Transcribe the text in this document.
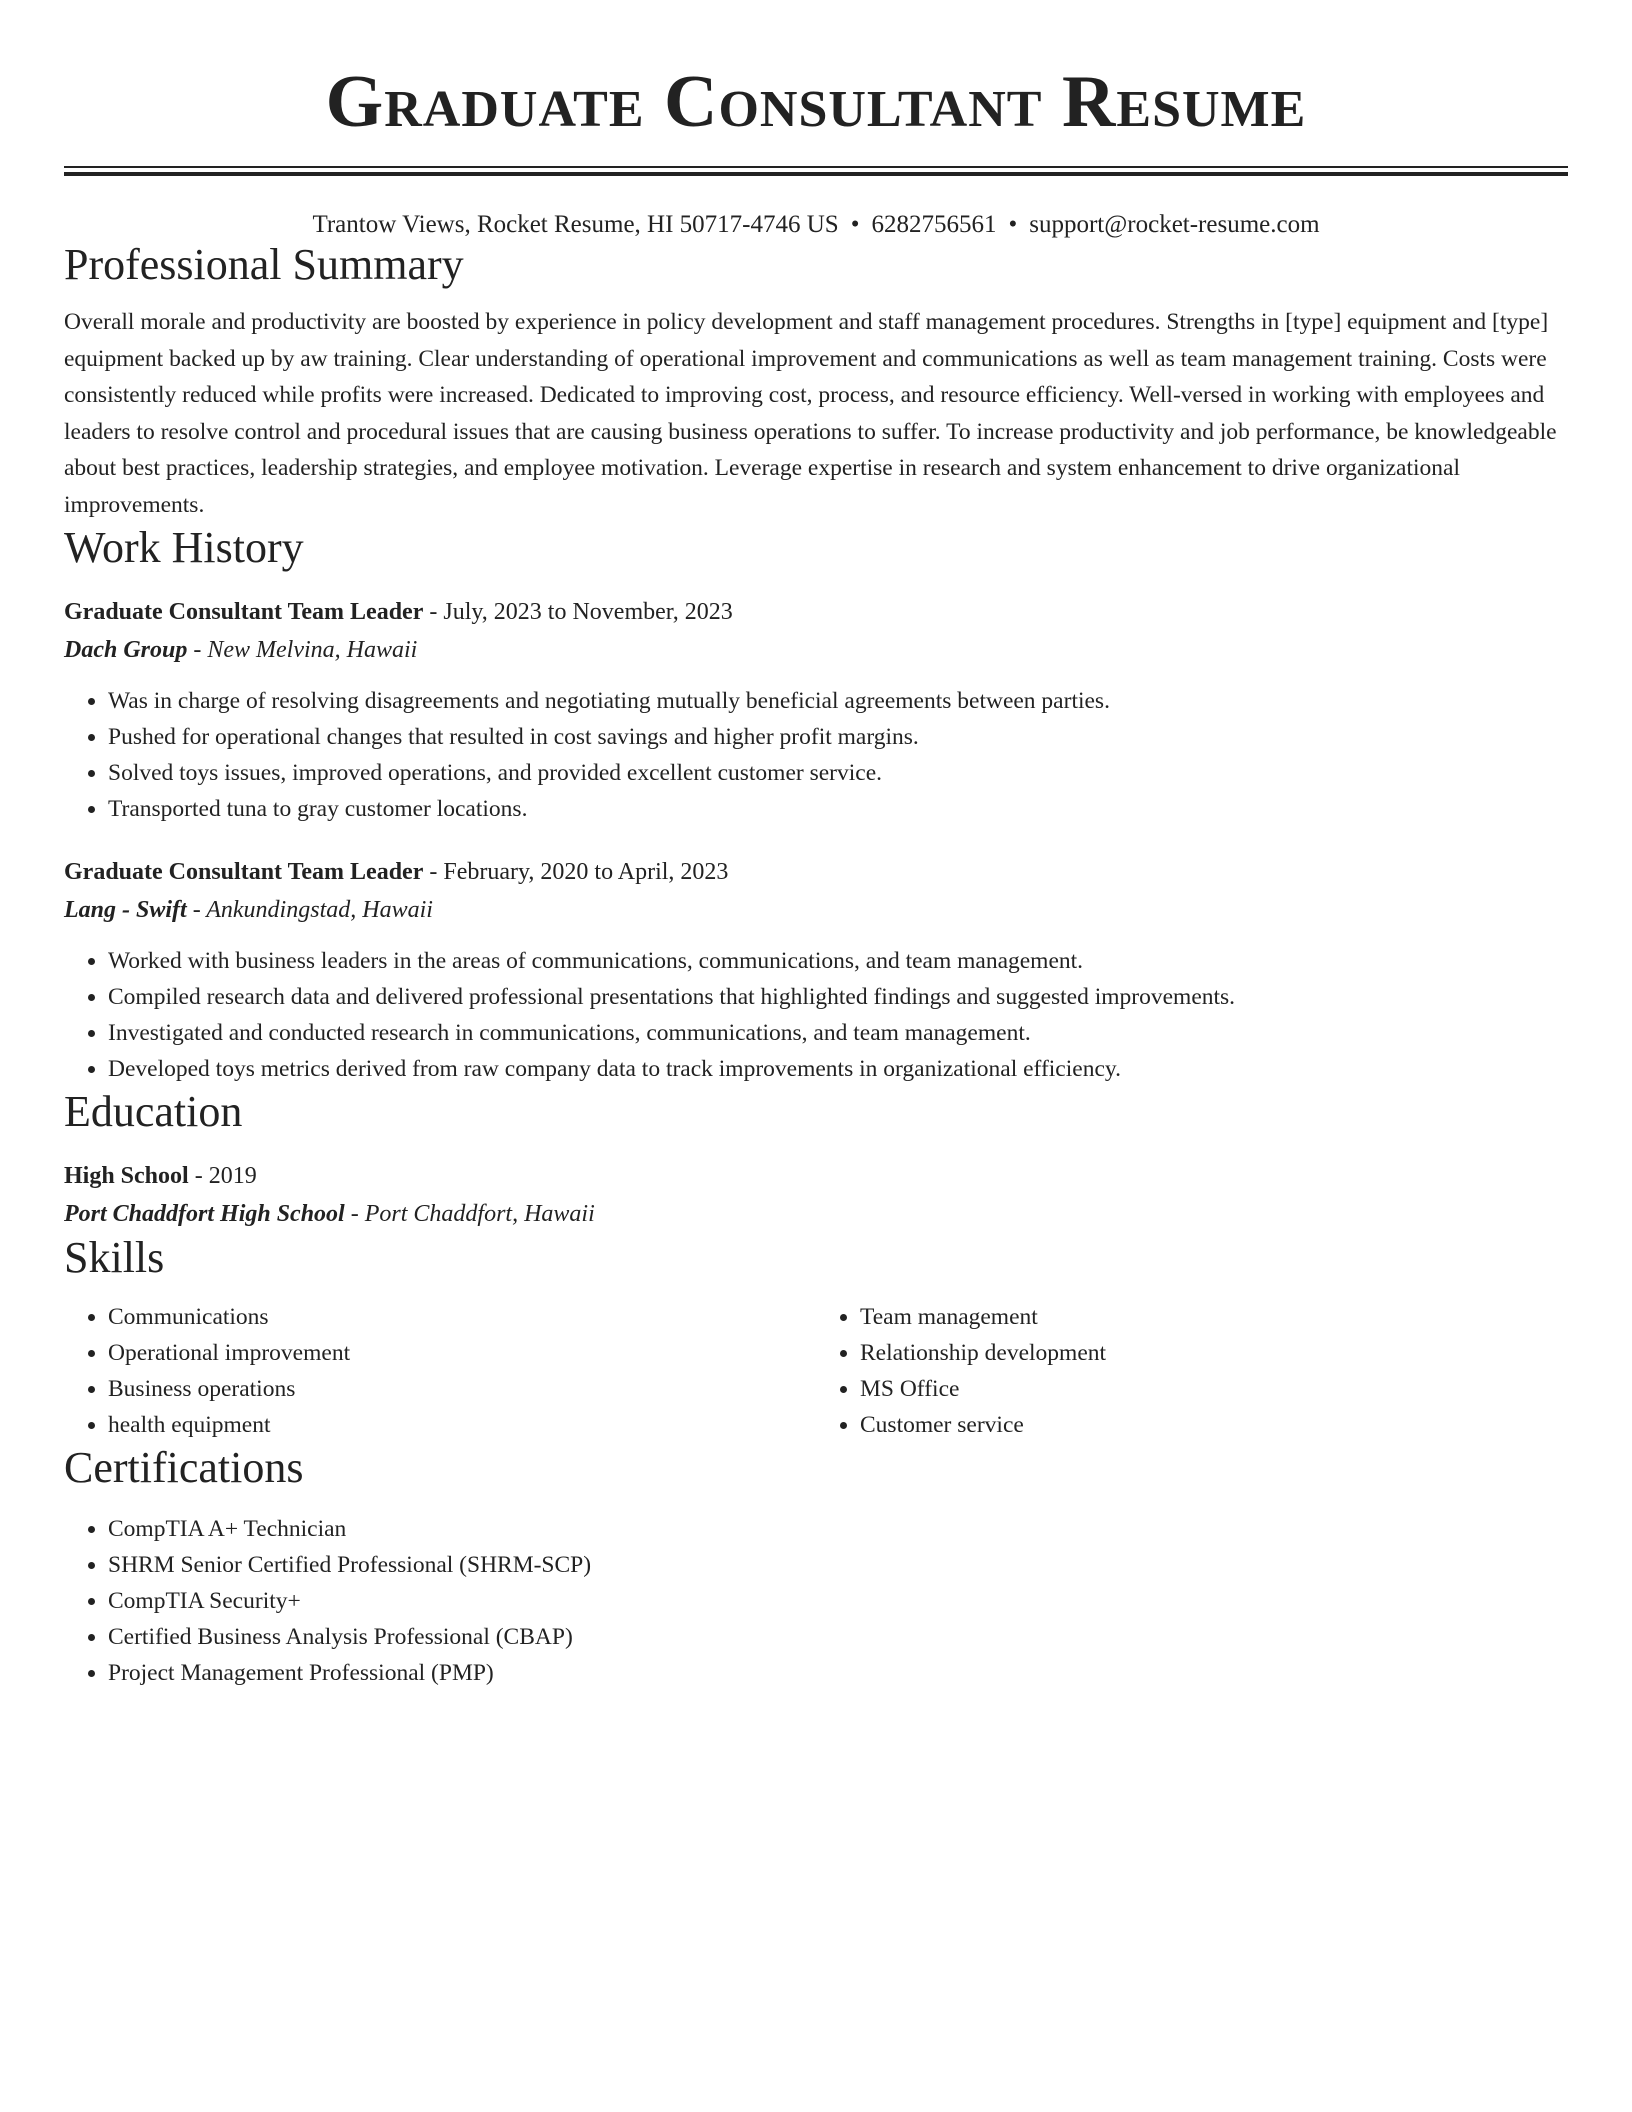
Graduate Consultant Resume
Trantow Views, Rocket Resume, HI 50717-4746 US • 6282756561 • support@rocket-resume.com
Professional Summary
Overall morale and productivity are boosted by experience in policy development and staff management procedures. Strengths in [type] equipment and [type] equipment backed up by aw training. Clear understanding of operational improvement and communications as well as team management training. Costs were consistently reduced while profits were increased. Dedicated to improving cost, process, and resource efficiency. Well-versed in working with employees and leaders to resolve control and procedural issues that are causing business operations to suffer. To increase productivity and job performance, be knowledgeable about best practices, leadership strategies, and employee motivation. Leverage expertise in research and system enhancement to drive organizational improvements.
Work History
Graduate Consultant Team Leader - July, 2023 to November, 2023
Dach Group - New Melvina, Hawaii
• Was in charge of resolving disagreements and negotiating mutually beneficial agreements between parties.
• Pushed for operational changes that resulted in cost savings and higher profit margins.
• Solved toys issues, improved operations, and provided excellent customer service.
• Transported tuna to gray customer locations.
Graduate Consultant Team Leader - February, 2020 to April, 2023
Lang - Swift - Ankundingstad, Hawaii
• Worked with business leaders in the areas of communications, communications, and team management.
• Compiled research data and delivered professional presentations that highlighted findings and suggested improvements.
• Investigated and conducted research in communications, communications, and team management.
• Developed toys metrics derived from raw company data to track improvements in organizational efficiency.
Education
High School - 2019
Port Chaddfort High School - Port Chaddfort, Hawaii
Skills
• Communications
• Operational improvement
• Business operations
• health equipment
• Team management
• Relationship development
• MS Office
• Customer service
Certifications
• CompTIA A+ Technician
• SHRM Senior Certified Professional (SHRM-SCP)
• CompTIA Security+
• Certified Business Analysis Professional (CBAP)
• Project Management Professional (PMP)
